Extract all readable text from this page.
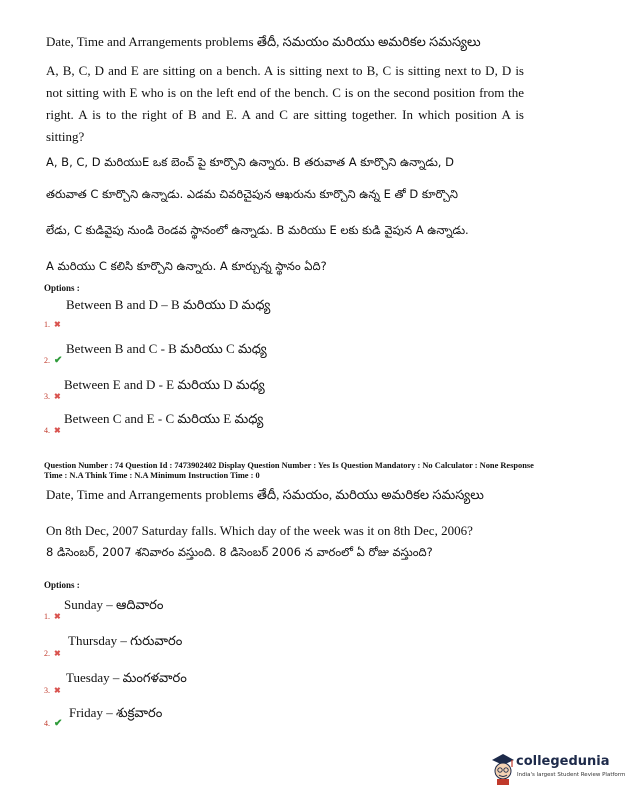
Date, Time and Arrangements problems తేదీ, సమయం మరియు అమరికల సమస్యలు
A, B, C, D and E are sitting on a bench. A is sitting next to B, C is sitting next to D, D is not sitting with E who is on the left end of the bench. C is on the second position from the right. A is to the right of B and E. A and C are sitting together. In which position A is sitting?
A, B, C, D మరియుE ఒక బెంచ్ పై కూర్చొని ఉన్నారు. B తరువాత A కూర్చొని ఉన్నాడు, D
తరువాత C కూర్చొని ఉన్నాడు. ఎడమ చివరిచైపున ఆఖరును కూర్చొని ఉన్న E తో D కూర్చొని
లేడు, C కుడివైపు నుండి రెండవ స్థానంలో ఉన్నాడు. B మరియు E లకు కుడి వైపున A ఉన్నాడు.
A మరియు C కలిసి కూర్చొని ఉన్నారు. A కూర్చున్న స్థానం ఏది?
Options :
Between B and D – B మరియు D మధ్య
1. ✖
Between B and C - B మరియు C మధ్య
2. ✔
Between E and D - E మరియు D మధ్య
3. ✖
Between C and E - C మరియు E మధ్య
4. ✖
Question Number : 74 Question Id : 7473902402 Display Question Number : Yes Is Question Mandatory : No Calculator : None Response
Time : N.A Think Time : N.A Minimum Instruction Time : 0
Date, Time and Arrangements problems తేదీ, సమయం, మరియు అమరికల సమస్యలు
On 8th Dec, 2007 Saturday falls. Which day of the week was it on 8th Dec, 2006?
8 డిసెంబర్, 2007 శనివారం వస్తుంది. 8 డిసెంబర్ 2006 న వారంలో ఏ రోజు వస్తుంది?
Options :
Sunday – ఆదివారం
1. ✖
Thursday – గురువారం
2. ✖
Tuesday – మంగళవారం
3. ✖
Friday – శుక్రవారం
4. ✔
collegedunia
India's largest Student Review Platform
